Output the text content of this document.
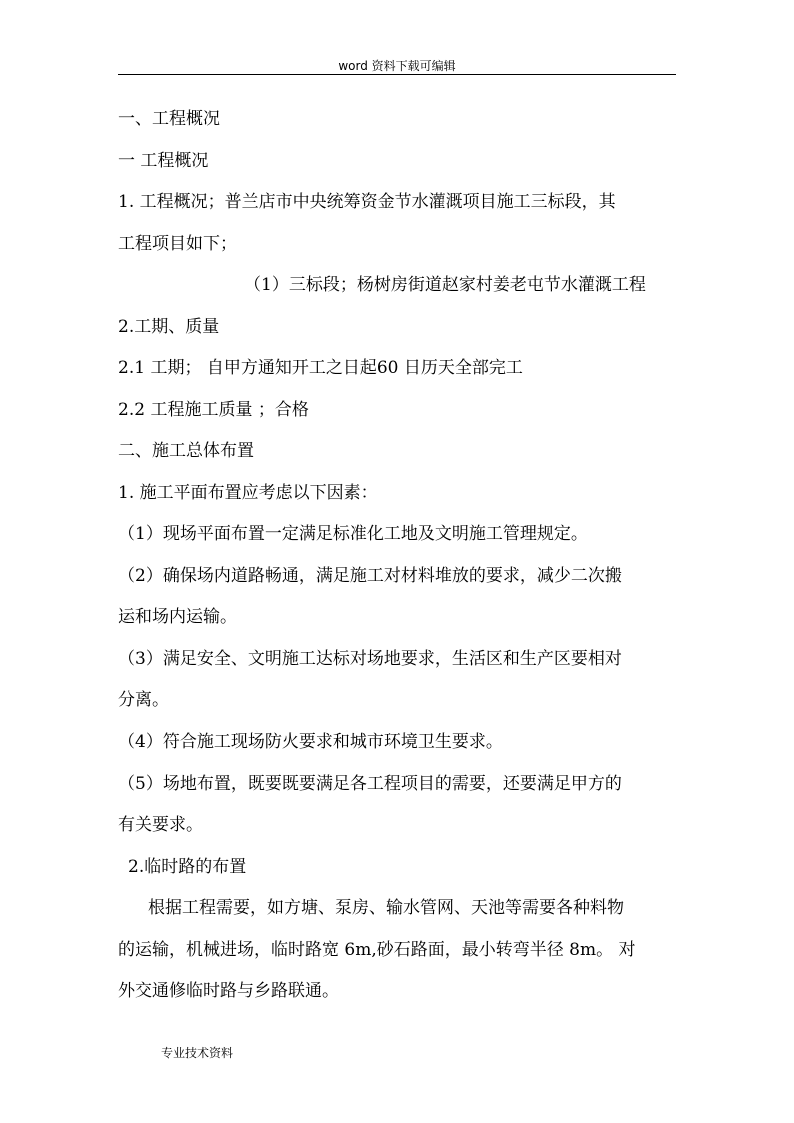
word 资料下载可编辑
一、工程概况
一 工程概况
1. 工程概况；普兰店市中央统筹资金节水灌溉项目施工三标段，其
工程项目如下；
（1）三标段；杨树房街道赵家村姜老屯节水灌溉工程
2.工期、质量
2.1 工期； 自甲方通知开工之日起60 日历天全部完工
2.2 工程施工质量 ；合格
二、施工总体布置
1. 施工平面布置应考虑以下因素：
（1）现场平面布置一定满足标准化工地及文明施工管理规定。
（2）确保场内道路畅通，满足施工对材料堆放的要求，减少二次搬
运和场内运输。
（3）满足安全、文明施工达标对场地要求，生活区和生产区要相对
分离。
（4）符合施工现场防火要求和城市环境卫生要求。
（5）场地布置，既要既要满足各工程项目的需要，还要满足甲方的
有关要求。
2.临时路的布置
根据工程需要，如方塘、泵房、输水管网、天池等需要各种料物
的运输，机械进场，临时路宽 6m,砂石路面，最小转弯半径 8m。 对
外交通修临时路与乡路联通。
专业技术资料
